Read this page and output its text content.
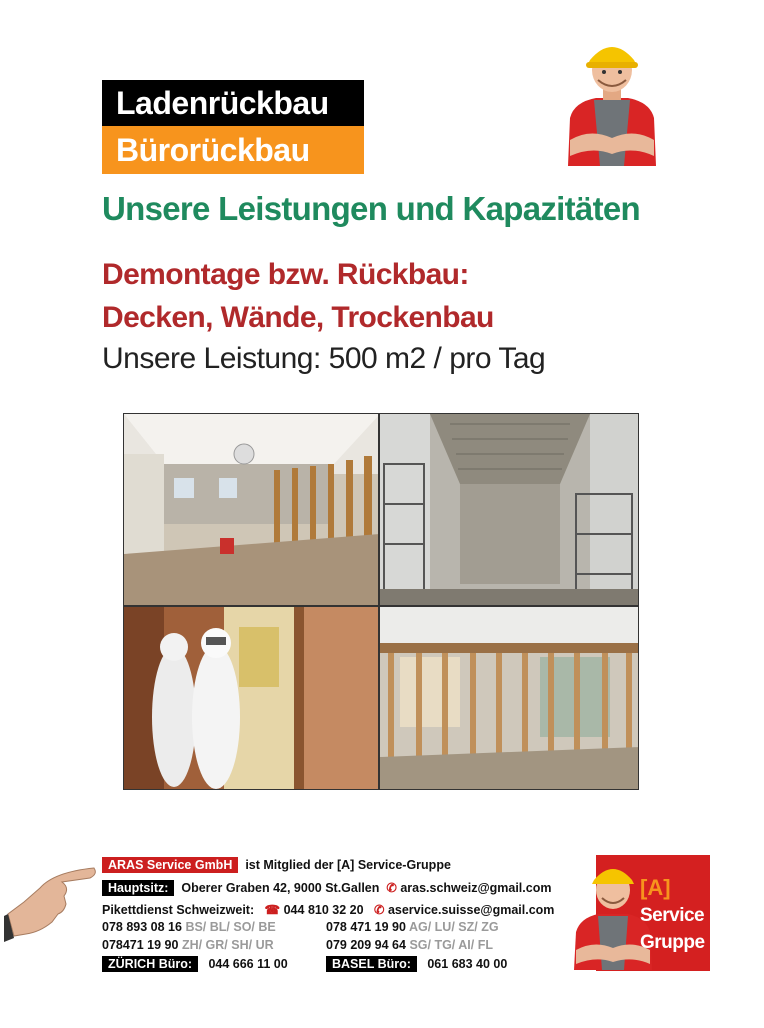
Ladenrückbau
Bürorückbau
Unsere Leistungen und Kapazitäten
Demontage bzw. Rückbau:
Decken, Wände, Trockenbau
Unsere Leistung: 500 m2 / pro Tag
ARAS Service GmbH ist Mitglied der [A] Service-Gruppe
Hauptsitz: Oberer Graben 42, 9000 St.Gallen ✆ aras.schweiz@gmail.com
Pikettdienst Schweizweit: ☎ 044 810 32 20 ✆ aservice.suisse@gmail.com
078 893 08 16 BS/ BL/ SO/ BE	078 471 19 90 AG/ LU/ SZ/ ZG
078471 19 90 ZH/ GR/ SH/ UR	079 209 94 64 SG/ TG/ AI/ FL
ZÜRICH Büro: 044 666 11 00	BASEL Büro: 061 683 40 00
[A]
Service
Gruppe
